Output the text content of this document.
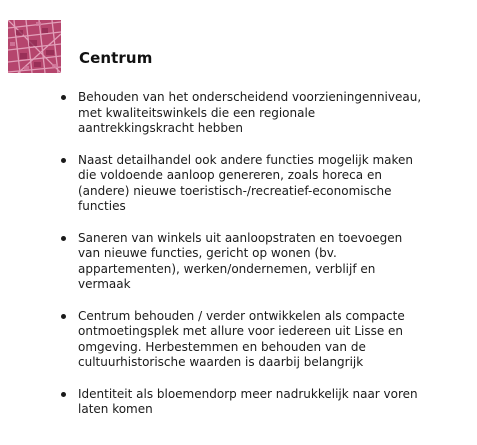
Centrum
Behouden van het onderscheidend voorzieningenniveau,
met kwaliteitswinkels die een regionale
aantrekkingskracht hebben
Naast detailhandel ook andere functies mogelijk maken
die voldoende aanloop genereren, zoals horeca en
(andere) nieuwe toeristisch-/recreatief-economische
functies
Saneren van winkels uit aanloopstraten en toevoegen
van nieuwe functies, gericht op wonen (bv.
appartementen), werken/ondernemen, verblijf en
vermaak
Centrum behouden / verder ontwikkelen als compacte
ontmoetingsplek met allure voor iedereen uit Lisse en
omgeving. Herbestemmen en behouden van de
cultuurhistorische waarden is daarbij belangrijk
Identiteit als bloemendorp meer nadrukkelijk naar voren
laten komen
